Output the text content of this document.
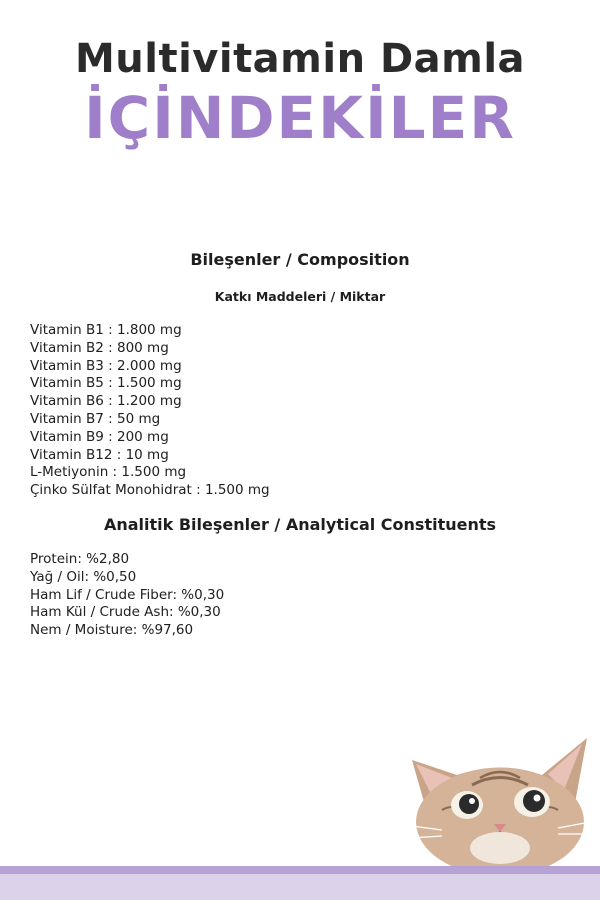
Multivitamin Damla
İÇİNDEKİLER
Bileşenler / Composition
Katkı Maddeleri / Miktar
Vitamin B1 : 1.800 mg
Vitamin B2 : 800 mg
Vitamin B3 : 2.000 mg
Vitamin B5 : 1.500 mg
Vitamin B6 : 1.200 mg
Vitamin B7 : 50 mg
Vitamin B9 : 200 mg
Vitamin B12 : 10 mg
L-Metiyonin : 1.500 mg
Çinko Sülfat Monohidrat : 1.500 mg
Analitik Bileşenler / Analytical Constituents
Protein: %2,80
Yağ / Oil: %0,50
Ham Lif / Crude Fiber: %0,30
Ham Kül / Crude Ash: %0,30
Nem / Moisture: %97,60
